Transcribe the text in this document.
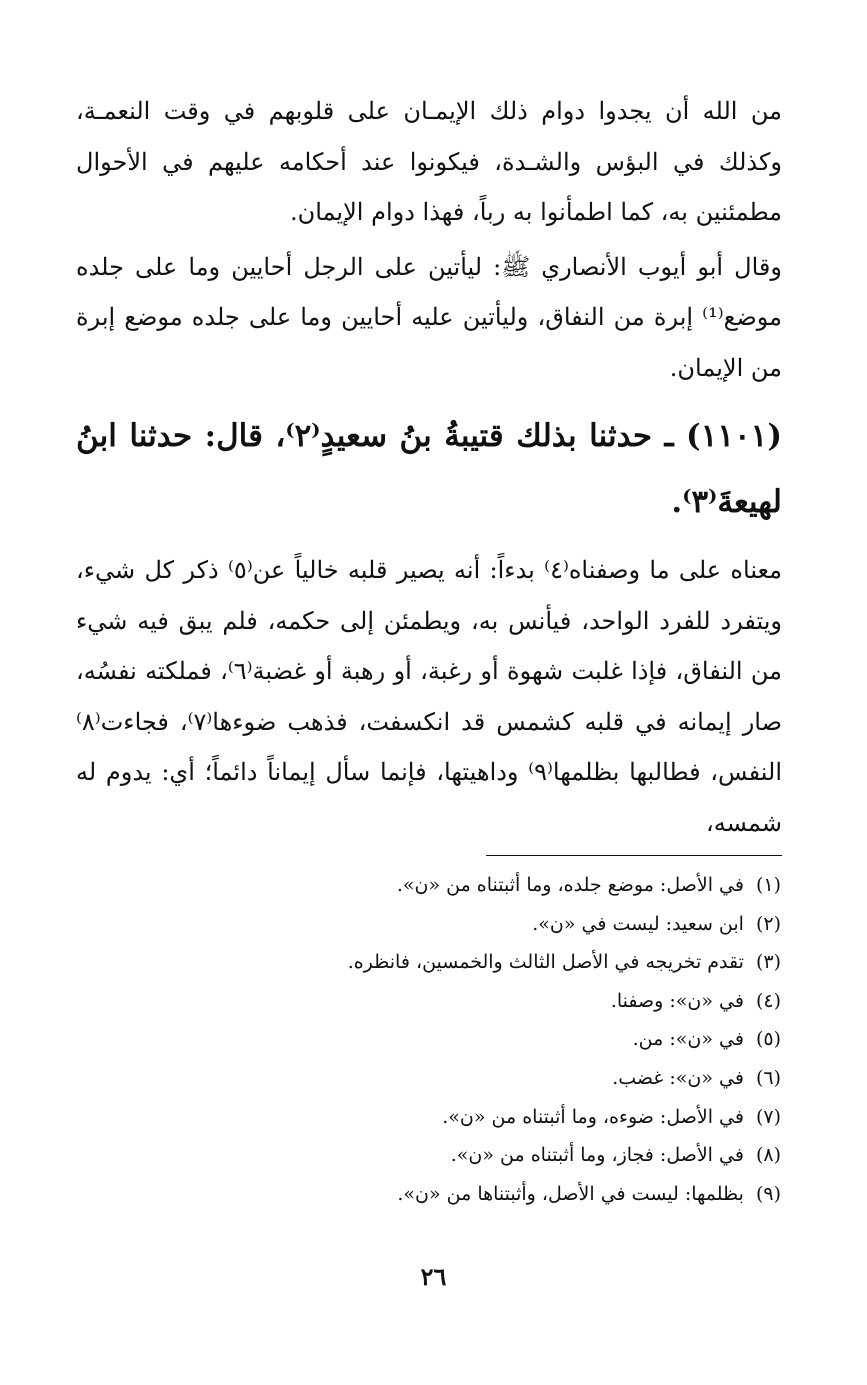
من الله أن يجدوا دوام ذلك الإيمـان على قلوبهم في وقت النعمـة، وكذلك في البؤس والشـدة، فيكونوا عند أحكامه عليهم في الأحوال مطمئنين به، كما اطمأنوا به رباً، فهذا دوام الإيمان.

وقال أبو أيوب الأنصاري ﷺ: ليأتين على الرجل أحايين وما على جلده موضع⁽¹⁾ إبرة من النفاق، وليأتين عليه أحايين وما على جلده موضع إبرة من الإيمان.

(١١٠١) ـ حدثنا بذلك قتيبةُ بنُ سعيدٍ⁽٢⁾، قال: حدثنا ابنُ لهيعةَ⁽٣⁾.

معناه على ما وصفناه⁽٤⁾ بدءاً: أنه يصير قلبه خالياً عن⁽٥⁾ ذكر كل شيء، ويتفرد للفرد الواحد، فيأنس به، ويطمئن إلى حكمه، فلم يبق فيه شيء من النفاق، فإذا غلبت شهوة أو رغبة، أو رهبة أو غضبة⁽٦⁾، فملكته نفسُه، صار إيمانه في قلبه كشمس قد انكسفت، فذهب ضوءها⁽٧⁾، فجاءت⁽٨⁾ النفس، فطالبها بظلمها⁽٩⁾ وداهيتها، فإنما سأل إيماناً دائماً؛ أي: يدوم له شمسه،

(١)في الأصل: موضع جلده، وما أثبتناه من «ن».
(٢)ابن سعيد: ليست في «ن».
(٣)تقدم تخريجه في الأصل الثالث والخمسين، فانظره.
(٤)في «ن»: وصفنا.
(٥)في «ن»: من.
(٦)في «ن»: غضب.
(٧)في الأصل: ضوءه، وما أثبتناه من «ن».
(٨)في الأصل: فجاز، وما أثبتناه من «ن».
(٩)بظلمها: ليست في الأصل، وأثبتناها من «ن».
٢٦
